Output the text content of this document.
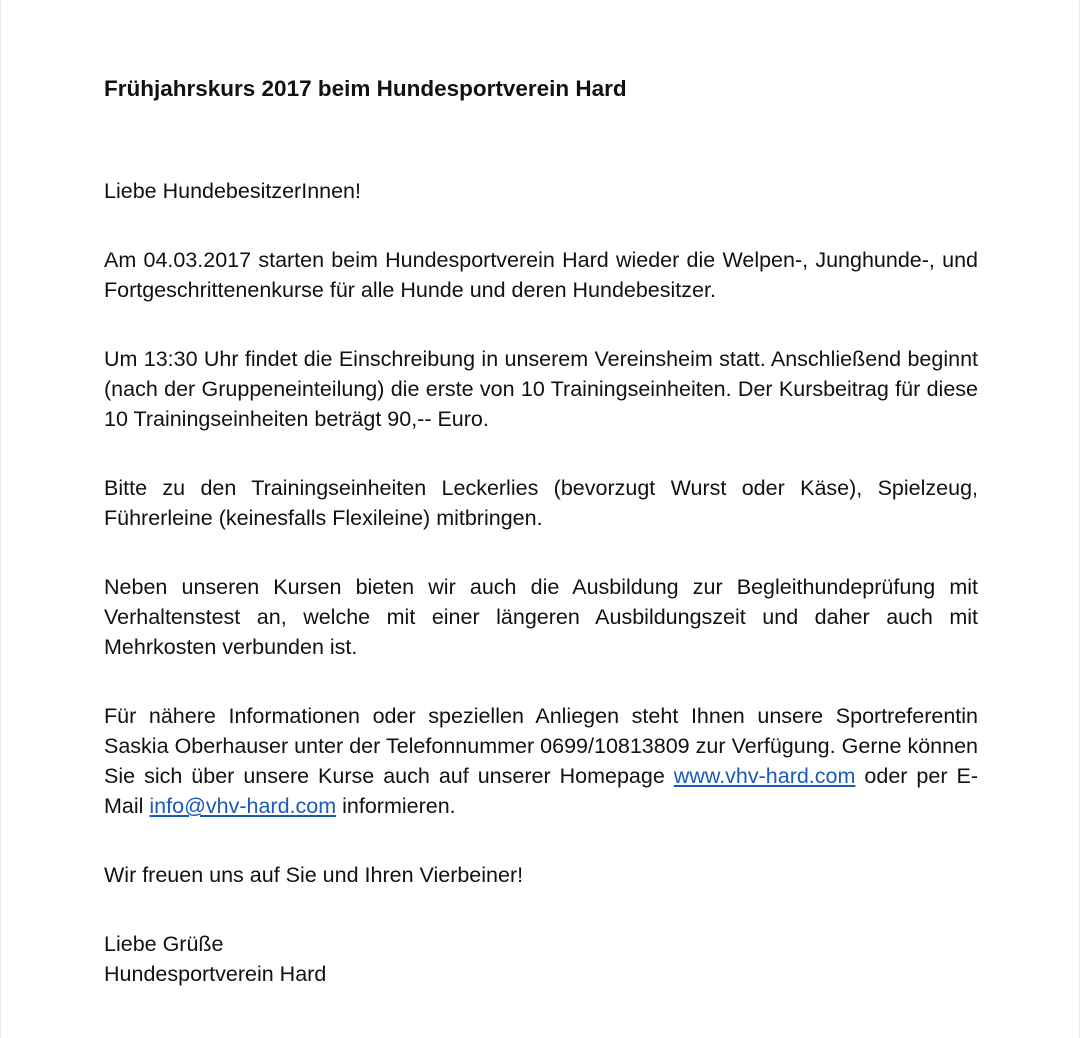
Frühjahrskurs 2017 beim Hundesportverein Hard

Liebe HundebesitzerInnen!

Am 04.03.2017 starten beim Hundesportverein Hard wieder die Welpen-, Junghunde-, und Fortgeschrittenenkurse für alle Hunde und deren Hundebesitzer.

Um 13:30 Uhr findet die Einschreibung in unserem Vereinsheim statt. Anschließend beginnt (nach der Gruppeneinteilung) die erste von 10 Trainingseinheiten. Der Kursbeitrag für diese 10 Trainingseinheiten beträgt 90,-- Euro.

Bitte zu den Trainingseinheiten Leckerlies (bevorzugt Wurst oder Käse), Spielzeug, Führerleine (keinesfalls Flexileine) mitbringen.

Neben unseren Kursen bieten wir auch die Ausbildung zur Begleithundeprüfung mit Verhaltenstest an, welche mit einer längeren Ausbildungszeit und daher auch mit Mehrkosten verbunden ist.

Für nähere Informationen oder speziellen Anliegen steht Ihnen unsere Sportreferentin Saskia Oberhauser unter der Telefonnummer 0699/10813809 zur Verfügung. Gerne können Sie sich über unsere Kurse auch auf unserer Homepage www.vhv-hard.com oder per E-Mail info@vhv-hard.com informieren.

Wir freuen uns auf Sie und Ihren Vierbeiner!

Liebe Grüße

Hundesportverein Hard
